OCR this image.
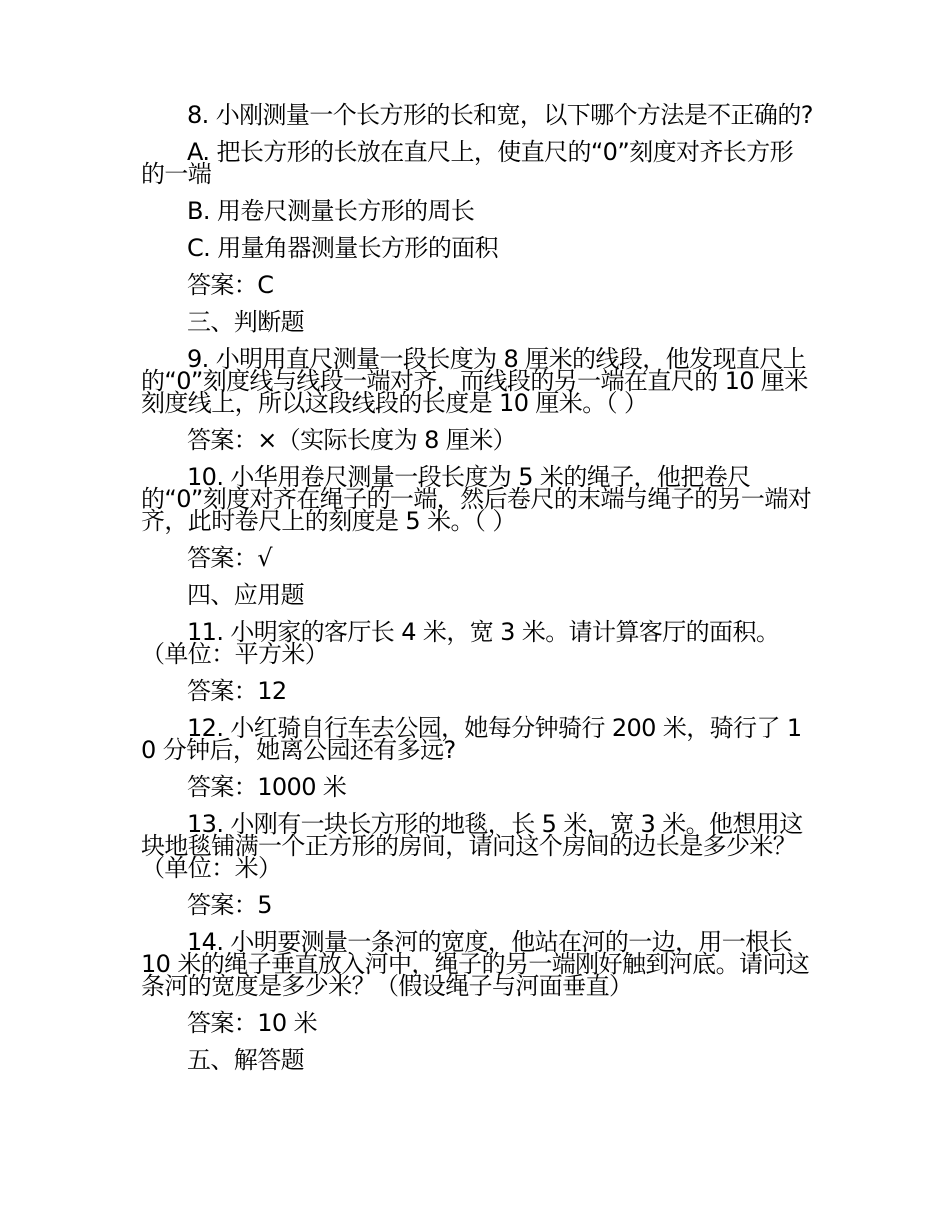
8. 小刚测量一个长方形的长和宽，以下哪个方法是不正确的?

A. 把长方形的长放在直尺上，使直尺的“0”刻度对齐长方形的一端

B. 用卷尺测量长方形的周长

C. 用量角器测量长方形的面积

答案：C

三、判断题

9. 小明用直尺测量一段长度为 8 厘米的线段，他发现直尺上的“0”刻度线与线段一端对齐，而线段的另一端在直尺的 10 厘米刻度线上，所以这段线段的长度是 10 厘米。（ ）

答案：×（实际长度为 8 厘米）

10. 小华用卷尺测量一段长度为 5 米的绳子，他把卷尺的“0”刻度对齐在绳子的一端，然后卷尺的末端与绳子的另一端对齐，此时卷尺上的刻度是 5 米。（ ）

答案：√

四、应用题

11. 小明家的客厅长 4 米，宽 3 米。请计算客厅的面积。（单位：平方米）

答案：12

12. 小红骑自行车去公园，她每分钟骑行 200 米，骑行了 10 分钟后，她离公园还有多远?

答案：1000 米

13. 小刚有一块长方形的地毯，长 5 米，宽 3 米。他想用这块地毯铺满一个正方形的房间，请问这个房间的边长是多少米？（单位：米）

答案：5

14. 小明要测量一条河的宽度，他站在河的一边，用一根长 10 米的绳子垂直放入河中，绳子的另一端刚好触到河底。请问这条河的宽度是多少米？（假设绳子与河面垂直）

答案：10 米

五、解答题
